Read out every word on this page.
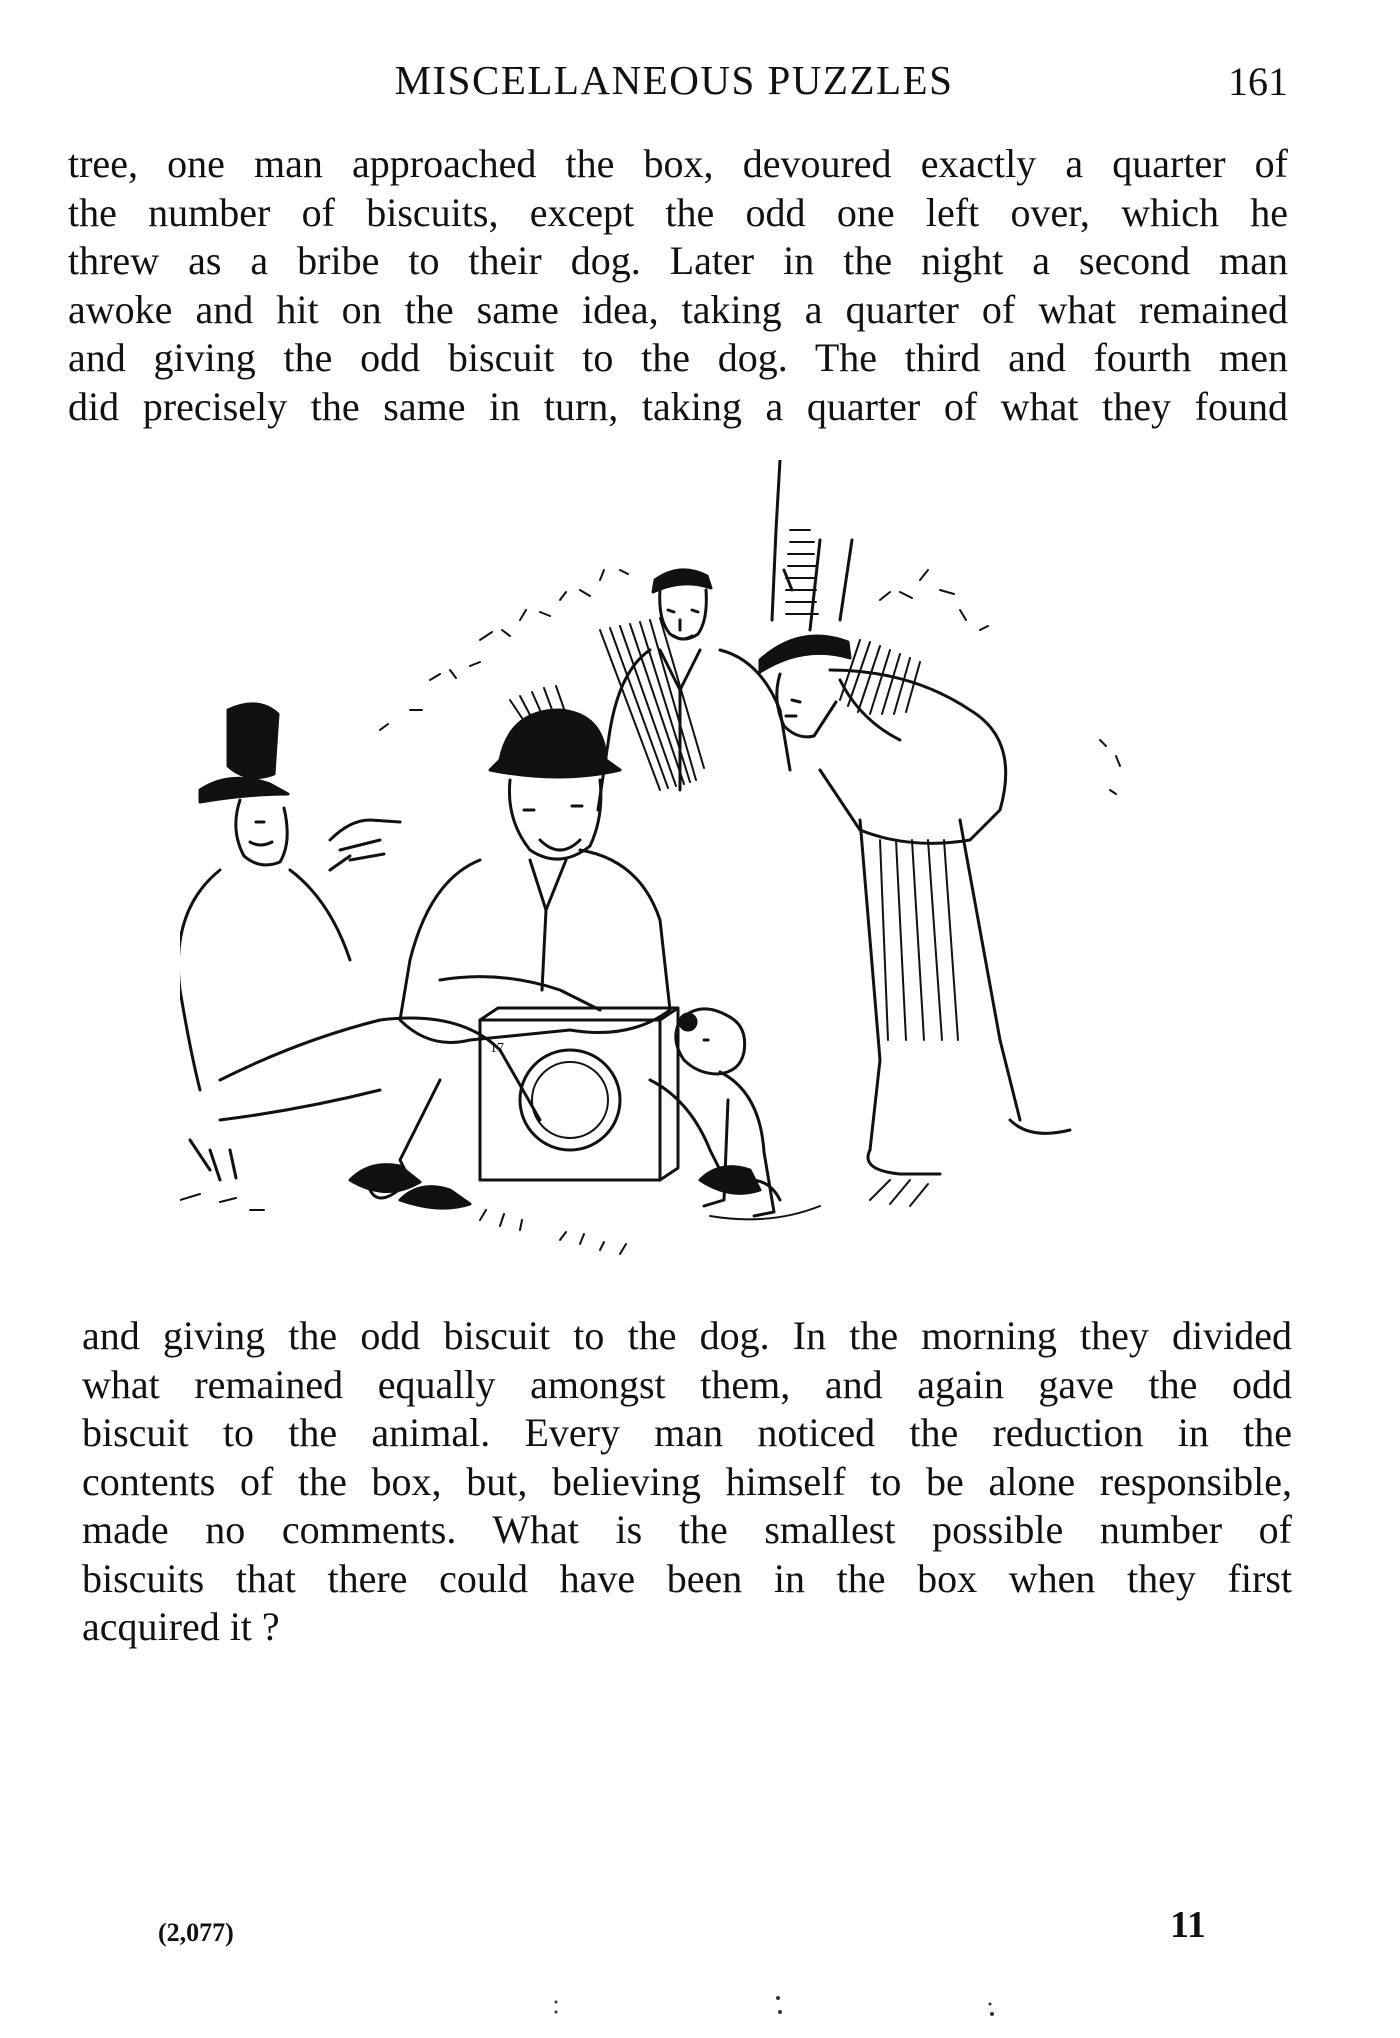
MISCELLANEOUS PUZZLES	161
tree, one man approached the box, devoured exactly a quarter of
the number of biscuits, except the odd one left over, which he
threw as a bribe to their dog. Later in the night a second man
awoke and hit on the same idea, taking a quarter of what remained
and giving the odd biscuit to the dog. The third and fourth men
did precisely the same in turn, taking a quarter of what they found
17
and giving the odd biscuit to the dog. In the morning they divided
what remained equally amongst them, and again gave the odd
biscuit to the animal. Every man noticed the reduction in the
contents of the box, but, believing himself to be alone responsible,
made no comments. What is the smallest possible number of
biscuits that there could have been in the box when they first
acquired it ?
(2,077)	11
